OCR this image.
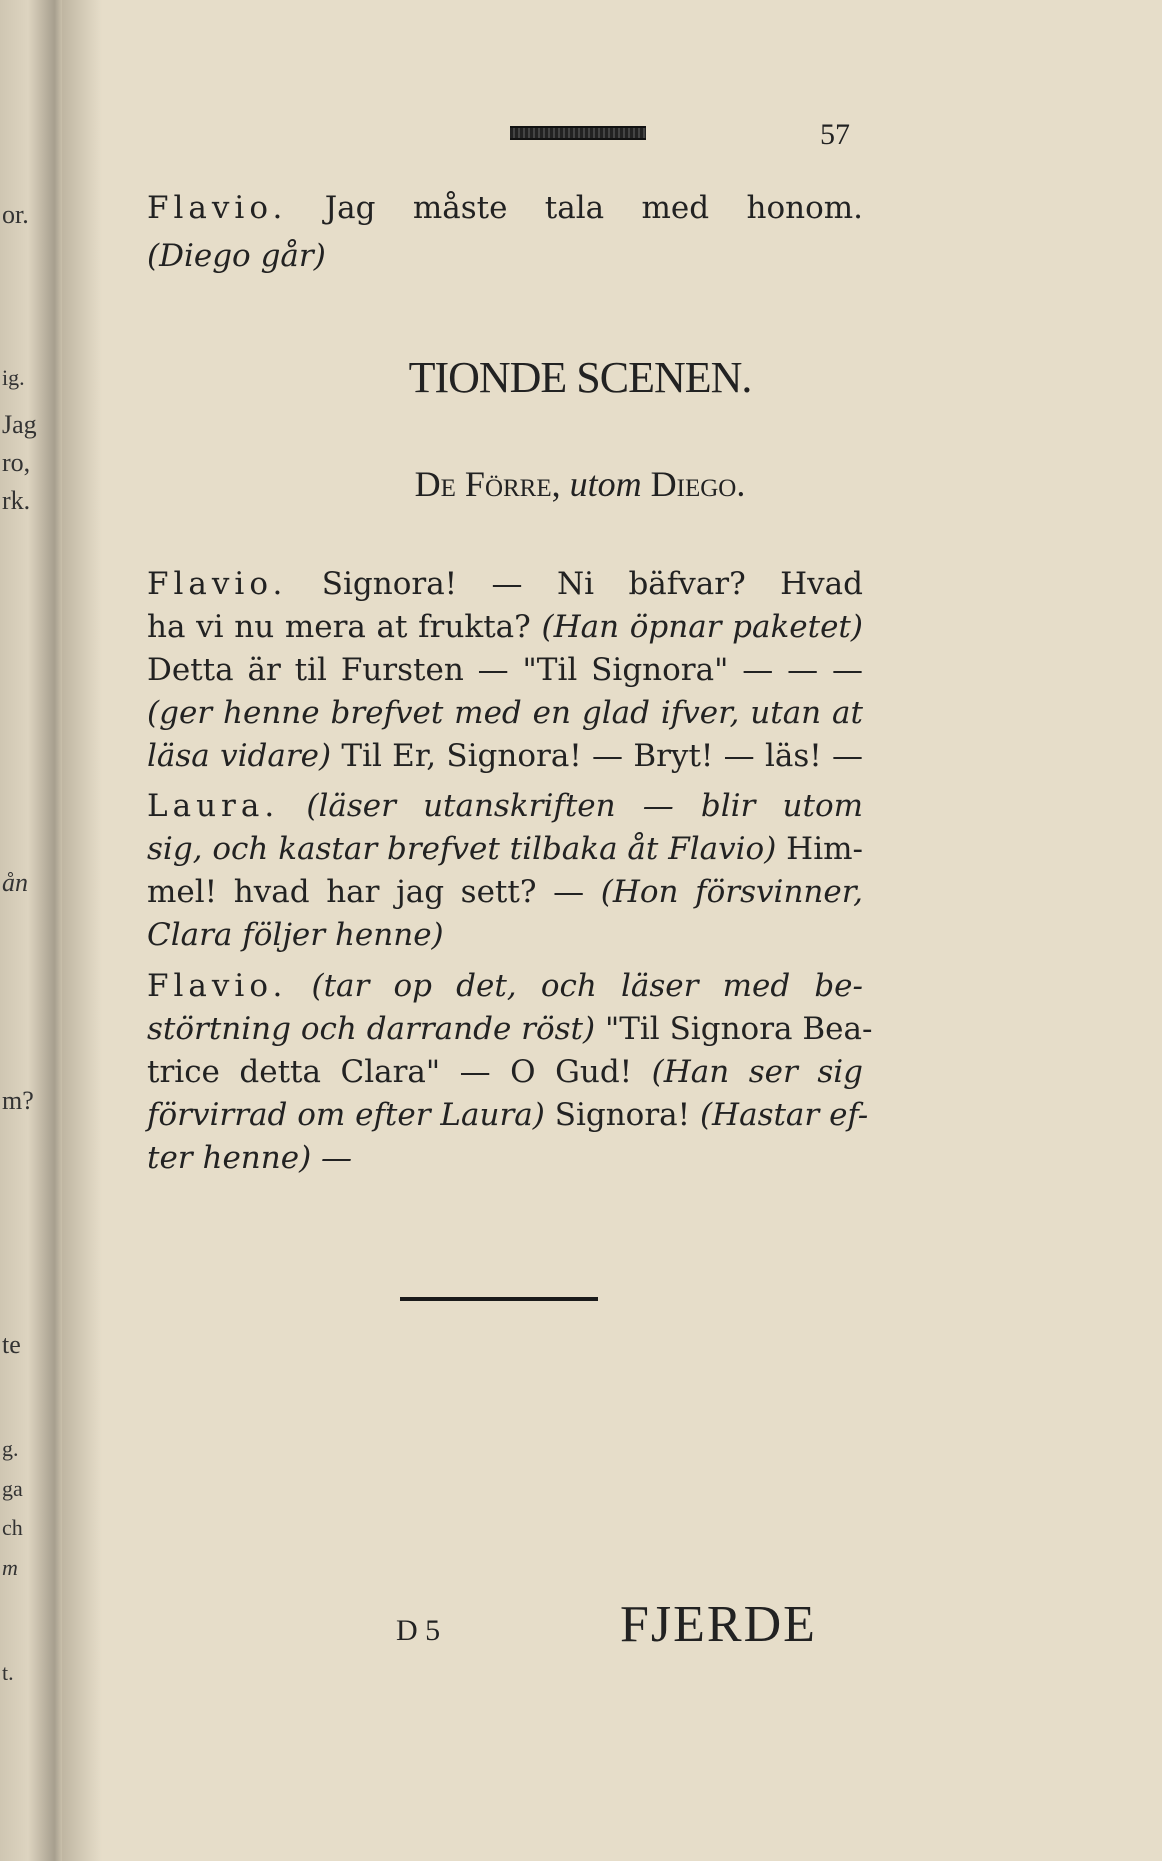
or.
ig.
Jag
ro,
rk.
ån
m?
te
g.
ga
ch
m
t.
57
Flavio. Jag måste tala med honom.
(Diego går)
TIONDE SCENEN.
De Förre, utom Diego.
Flavio. Signora! — Ni bäfvar? Hvad
ha vi nu mera at frukta? (Han öpnar paketet)
Detta är til Fursten — "Til Signora" — — —
(ger henne brefvet med en glad ifver, utan at
läsa vidare) Til Er, Signora! — Bryt! — läs! —
Laura. (läser utanskriften — blir utom
sig, och kastar brefvet tilbaka åt Flavio) Him-
mel! hvad har jag sett? — (Hon försvinner,
Clara följer henne)
Flavio. (tar op det, och läser med be-
störtning och darrande röst) "Til Signora Bea-
trice detta Clara" — O Gud! (Han ser sig
förvirrad om efter Laura) Signora! (Hastar ef-
ter henne) —
D 5	FJERDE
